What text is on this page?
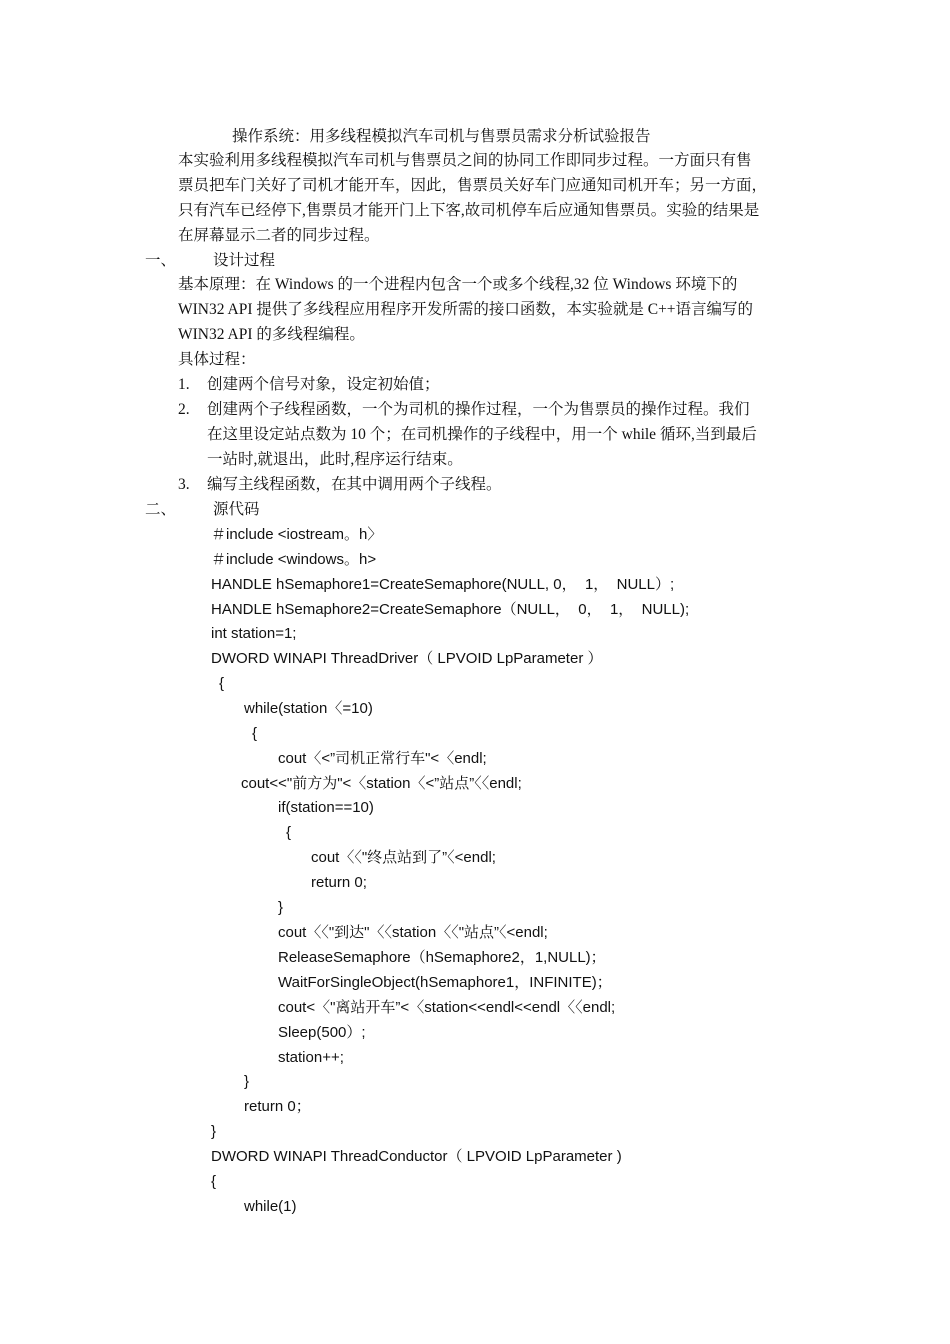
操作系统：用多线程模拟汽车司机与售票员需求分析试验报告
本实验利用多线程模拟汽车司机与售票员之间的协同工作即同步过程。一方面只有售
票员把车门关好了司机才能开车，因此，售票员关好车门应通知司机开车；另一方面，
只有汽车已经停下,售票员才能开门上下客,故司机停车后应通知售票员。实验的结果是
在屏幕显示二者的同步过程。
一、 设计过程
基本原理：在 Windows 的一个进程内包含一个或多个线程,32 位 Windows 环境下的
WIN32 API 提供了多线程应用程序开发所需的接口函数，本实验就是 C++语言编写的
WIN32 API 的多线程编程。
具体过程：
1. 创建两个信号对象，设定初始值；
2. 创建两个子线程函数，一个为司机的操作过程，一个为售票员的操作过程。我们
在这里设定站点数为 10 个；在司机操作的子线程中，用一个 while 循环,当到最后
一站时,就退出，此时,程序运行结束。
3. 编写主线程函数，在其中调用两个子线程。
二、 源代码
＃include <iostream。h〉
＃include <windows。h>
HANDLE hSemaphore1=CreateSemaphore(NULL, 0，  1，  NULL）;
HANDLE hSemaphore2=CreateSemaphore（NULL，  0，  1，  NULL);
int station=1;
DWORD WINAPI ThreadDriver（ LPVOID LpParameter ）
{
while(station〈=10)
{
cout〈<”司机正常行车"<〈endl;
cout<<"前方为"<〈station〈<”站点”〈〈endl;
if(station==10)
{
cout〈〈"终点站到了”〈<endl;
return 0;
}
cout〈〈"到达"〈〈station〈〈"站点”〈<endl;
ReleaseSemaphore（hSemaphore2，1,NULL)；
WaitForSingleObject(hSemaphore1，INFINITE)；
cout<〈"离站开车”<〈station<<endl<<endl〈〈endl;
Sleep(500）;
station++;
}
return 0；
}
DWORD WINAPI ThreadConductor（ LPVOID LpParameter )
{
while(1)
